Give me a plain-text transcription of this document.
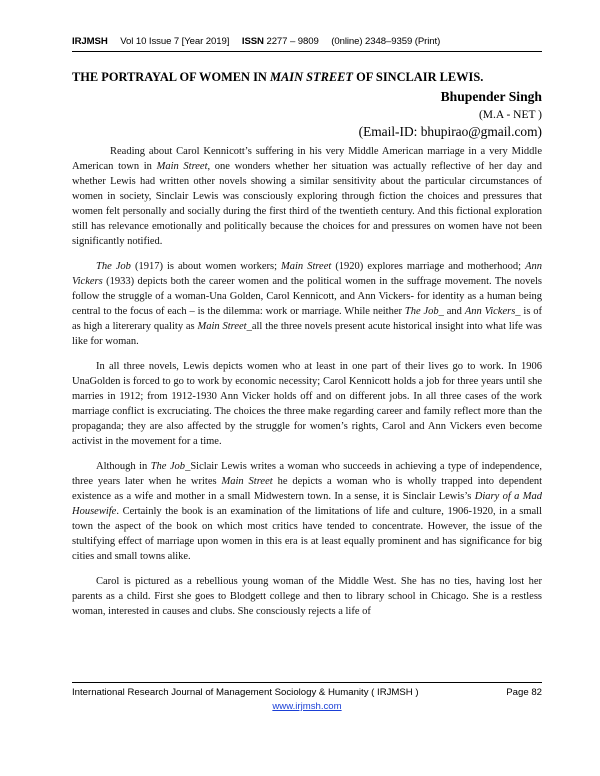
IRJMSH Vol 10 Issue 7 [Year 2019] ISSN 2277 – 9809 (0nline) 2348–9359 (Print)
THE PORTRAYAL OF WOMEN IN MAIN STREET OF SINCLAIR LEWIS.
Bhupender Singh
(M.A - NET )
(Email-ID: bhupirao@gmail.com)

Reading about Carol Kennicott’s suffering in his very Middle American marriage in a very Middle American town in Main Street, one wonders whether her situation was actually reflective of her day and whether Lewis had written other novels showing a similar sensitivity about the particular circumstances of women in society, Sinclair Lewis was consciously exploring through fiction the choices and pressures that women felt personally and socially during the first third of the twentieth century. And this fictional exploration still has relevance emotionally and politically because the choices for and pressures on women have not been significantly notified.

The Job (1917) is about women workers; Main Street (1920) explores marriage and motherhood; Ann Vickers (1933) depicts both the career women and the political women in the suffrage movement. The novels follow the struggle of a woman-Una Golden, Carol Kennicott, and Ann Vickers- for identity as a human being central to the focus of each – is the dilemma: work or marriage. While neither The Job_ and Ann Vickers_ is of as high a litererary quality as Main Street_all the three novels present acute historical insight into what life was like for woman.

In all three novels, Lewis depicts women who at least in one part of their lives go to work. In 1906 UnaGolden is forced to go to work by economic necessity; Carol Kennicott holds a job for three years until she marries in 1912; from 1912-1930 Ann Vicker holds off and on different jobs. In all three cases of the work marriage conflict is excruciating. The choices the three make regarding career and family reflect more than the propaganda; they are also affected by the struggle for women’s rights, Carol and Ann Vickers even become activist in the movement for a time.

Although in The Job_Siclair Lewis writes a woman who succeeds in achieving a type of independence, three years later when he writes Main Street he depicts a woman who is wholly trapped into dependent existence as a wife and mother in a small Midwestern town. In a sense, it is Sinclair Lewis’s Diary of a Mad Housewife. Certainly the book is an examination of the limitations of life and culture, 1906-1920, in a small town the aspect of the book on which most critics have tended to concentrate. However, the issue of the stultifying effect of marriage upon women in this era is at least equally prominent and has significance for big cities and small towns alike.

Carol is pictured as a rebellious young woman of the Middle West. She has no ties, having lost her parents as a child. First she goes to Blodgett college and then to library school in Chicago. She is a restless woman, interested in causes and clubs. She consciously rejects a life of

International Research Journal of Management Sociology & Humanity ( IRJMSH )	Page 82
www.irjmsh.com
